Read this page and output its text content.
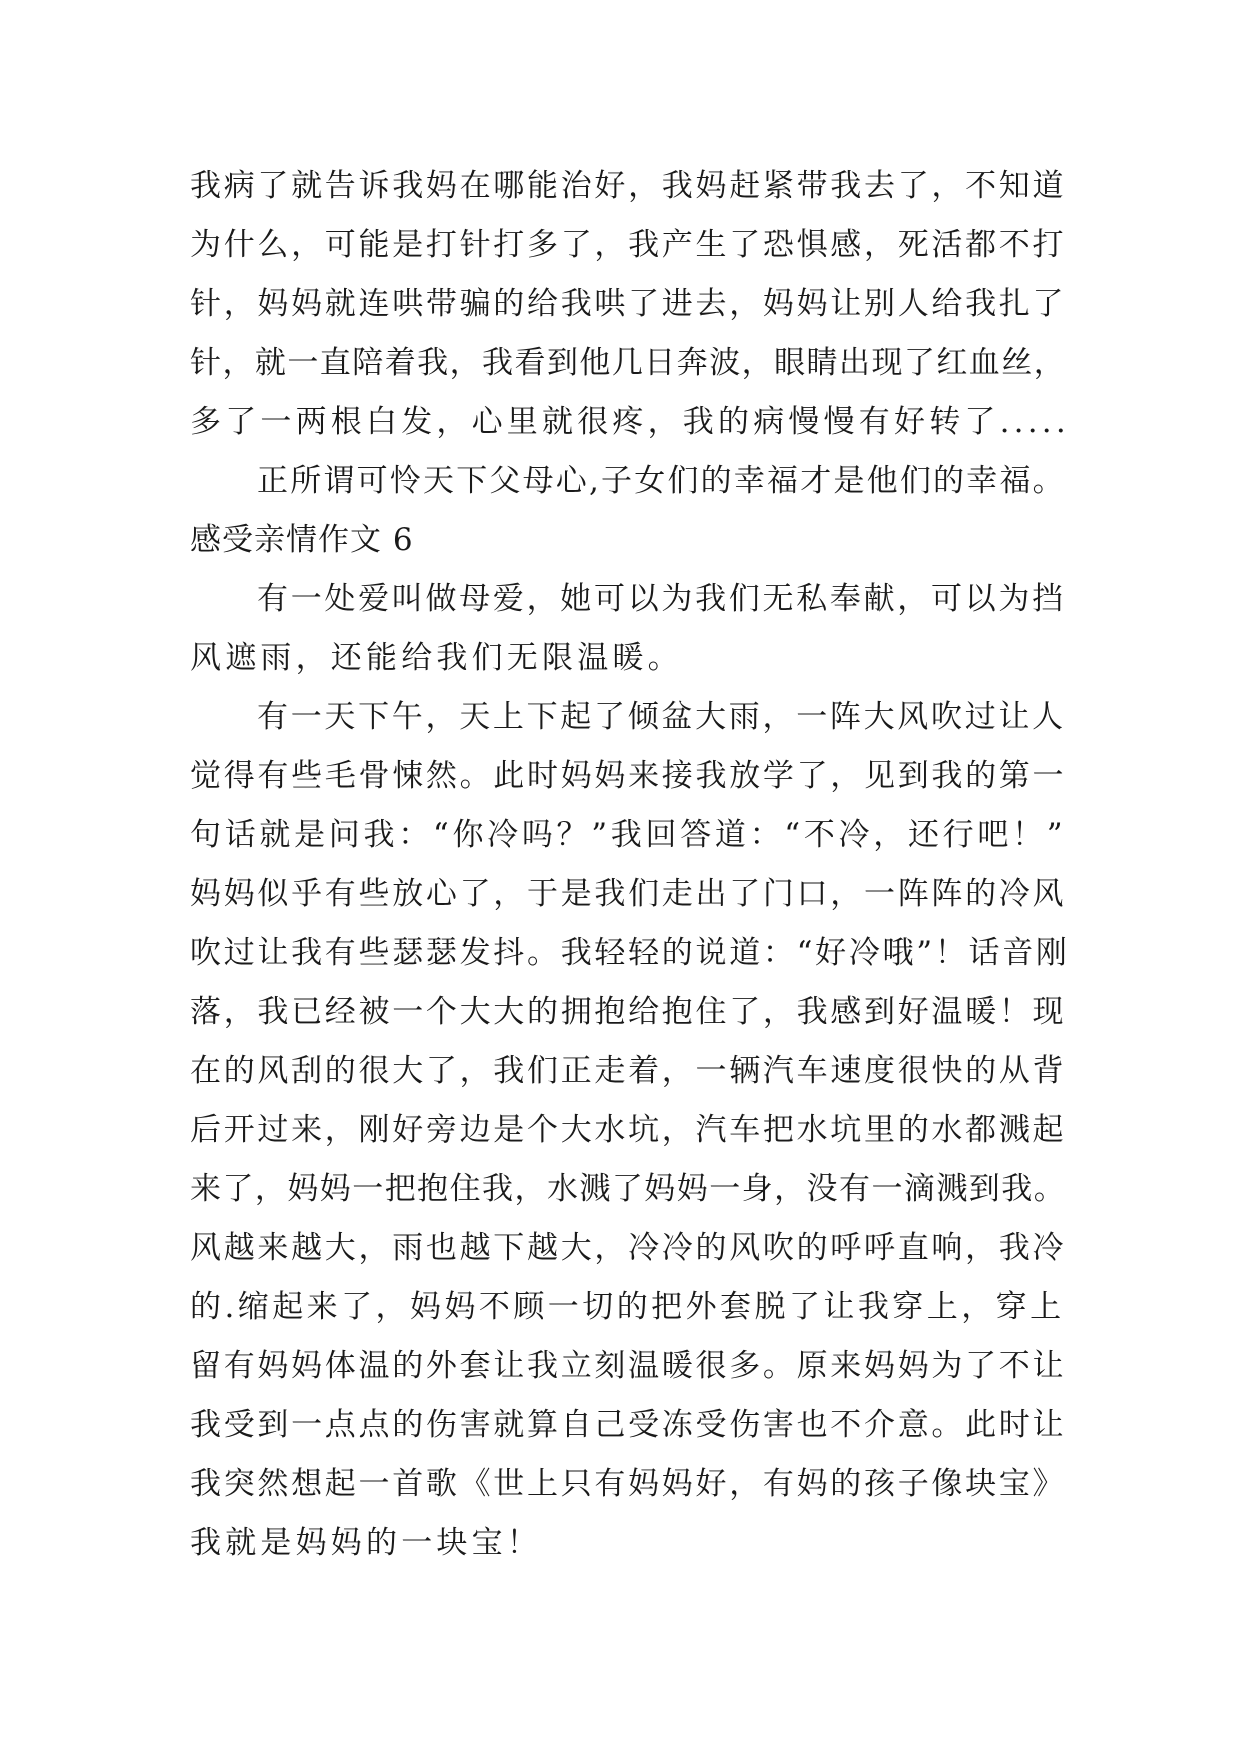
我病了就告诉我妈在哪能治好，我妈赶紧带我去了，不知道
为什么，可能是打针打多了，我产生了恐惧感，死活都不打
针，妈妈就连哄带骗的给我哄了进去，妈妈让别人给我扎了
针，就一直陪着我，我看到他几日奔波，眼睛出现了红血丝，
多了一两根白发，心里就很疼，我的病慢慢有好转了.....
正所谓可怜天下父母心,子女们的幸福才是他们的幸福。
感受亲情作文 6
有一处爱叫做母爱，她可以为我们无私奉献，可以为挡
风遮雨，还能给我们无限温暖。
有一天下午，天上下起了倾盆大雨，一阵大风吹过让人
觉得有些毛骨悚然。此时妈妈来接我放学了，见到我的第一
句话就是问我：“你冷吗？”我回答道：“不冷，还行吧！”
妈妈似乎有些放心了，于是我们走出了门口，一阵阵的冷风
吹过让我有些瑟瑟发抖。我轻轻的说道：“好冷哦”！话音刚
落，我已经被一个大大的拥抱给抱住了，我感到好温暖！现
在的风刮的很大了，我们正走着，一辆汽车速度很快的从背
后开过来，刚好旁边是个大水坑，汽车把水坑里的水都溅起
来了，妈妈一把抱住我，水溅了妈妈一身，没有一滴溅到我。
风越来越大，雨也越下越大，冷冷的风吹的呼呼直响，我冷
的.缩起来了，妈妈不顾一切的把外套脱了让我穿上，穿上
留有妈妈体温的外套让我立刻温暖很多。原来妈妈为了不让
我受到一点点的伤害就算自己受冻受伤害也不介意。此时让
我突然想起一首歌《世上只有妈妈好，有妈的孩子像块宝》
我就是妈妈的一块宝！
